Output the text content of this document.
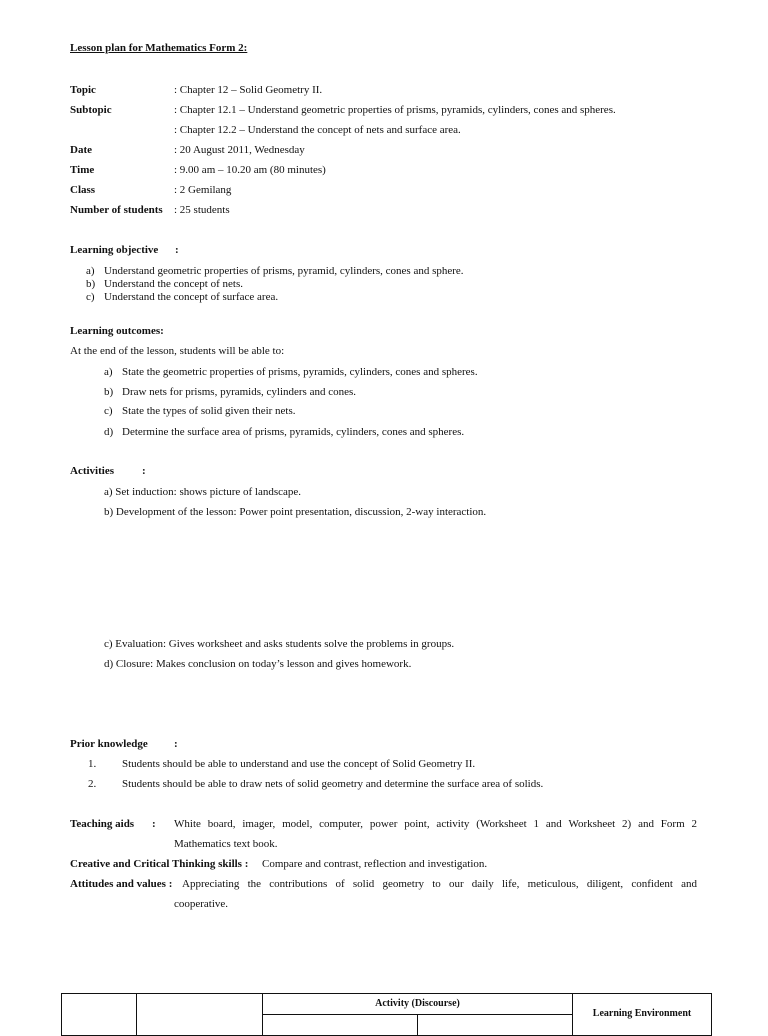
Lesson plan for Mathematics Form 2:
Topic	: Chapter 12 – Solid Geometry II.
Subtopic	: Chapter 12.1 – Understand geometric properties of prisms, pyramids, cylinders, cones and spheres.
: Chapter 12.2 – Understand the concept of nets and surface area.
Date	: 20 August 2011, Wednesday
Time	: 9.00 am – 10.20 am (80 minutes)
Class	: 2 Gemilang
Number of students : 25 students
Learning objective :
a) Understand geometric properties of prisms, pyramid, cylinders, cones and sphere.
b) Understand the concept of nets.
c) Understand the concept of surface area.
Learning outcomes:
At the end of the lesson, students will be able to:
a) State the geometric properties of prisms, pyramids, cylinders, cones and spheres.
b) Draw nets for prisms, pyramids, cylinders and cones.
c) State the types of solid given their nets.
d) Determine the surface area of prisms, pyramids, cylinders, cones and spheres.
Activities	:
a) Set induction: shows picture of landscape.
b) Development of the lesson: Power point presentation, discussion, 2-way interaction.
c) Evaluation: Gives worksheet and asks students solve the problems in groups.
d) Closure: Makes conclusion on today’s lesson and gives homework.
Prior knowledge :
1. Students should be able to understand and use the concept of Solid Geometry II.
2. Students should be able to draw nets of solid geometry and determine the surface area of solids.
Teaching aids : White board, imager, model, computer, power point, activity (Worksheet 1 and Worksheet 2) and Form 2
Mathematics text book.
Creative and Critical Thinking skills : Compare and contrast, reflection and investigation.
Attitudes and values : Appreciating the contributions of solid geometry to our daily life, meticulous, diligent, confident and
cooperative.
		Activity (Discourse)		Learning Environment
